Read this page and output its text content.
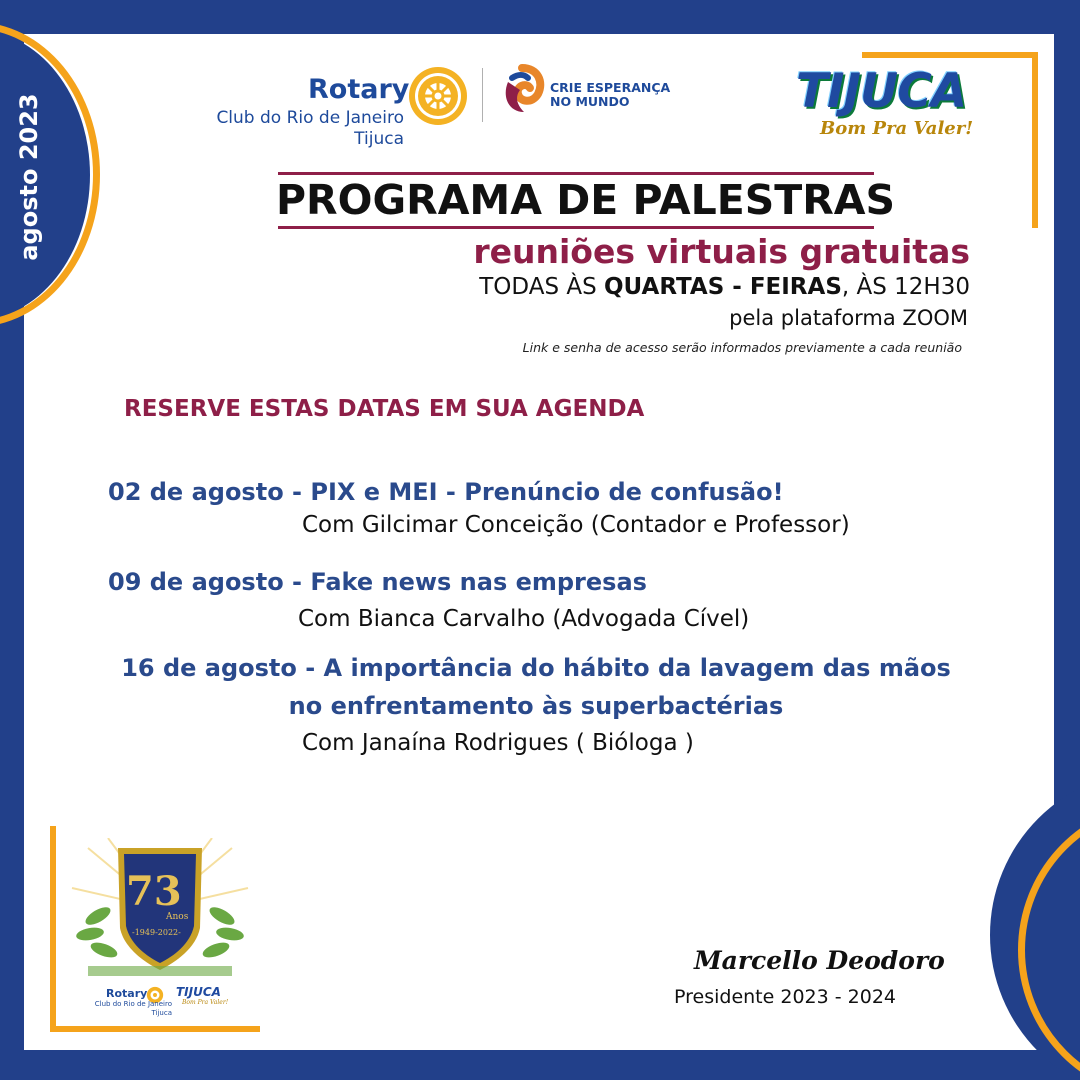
agosto 2023
Rotary
Club do Rio de Janeiro
Tijuca
CRIE ESPERANÇA
NO MUNDO	TIJUCA
Bom Pra Valer!
PROGRAMA DE PALESTRAS
reuniões virtuais gratuitas
TODAS ÀS QUARTAS - FEIRAS, ÀS 12H30
pela plataforma ZOOM
Link e senha de acesso serão informados previamente a cada reunião
RESERVE ESTAS DATAS EM SUA AGENDA
02 de agosto - PIX e MEI - Prenúncio de confusão!
Com Gilcimar Conceição (Contador e Professor)
09 de agosto - Fake news nas empresas
Com Bianca Carvalho (Advogada Cível)
16 de agosto - A importância do hábito da lavagem das mãos
no enfrentamento às superbactérias
Com Janaína Rodrigues ( Bióloga )
73
Anos
-1949-2022-
Rotary
Club do Rio de Janeiro
Tijuca
TIJUCA
Bom Pra Valer!
Marcello Deodoro
Presidente 2023 - 2024
